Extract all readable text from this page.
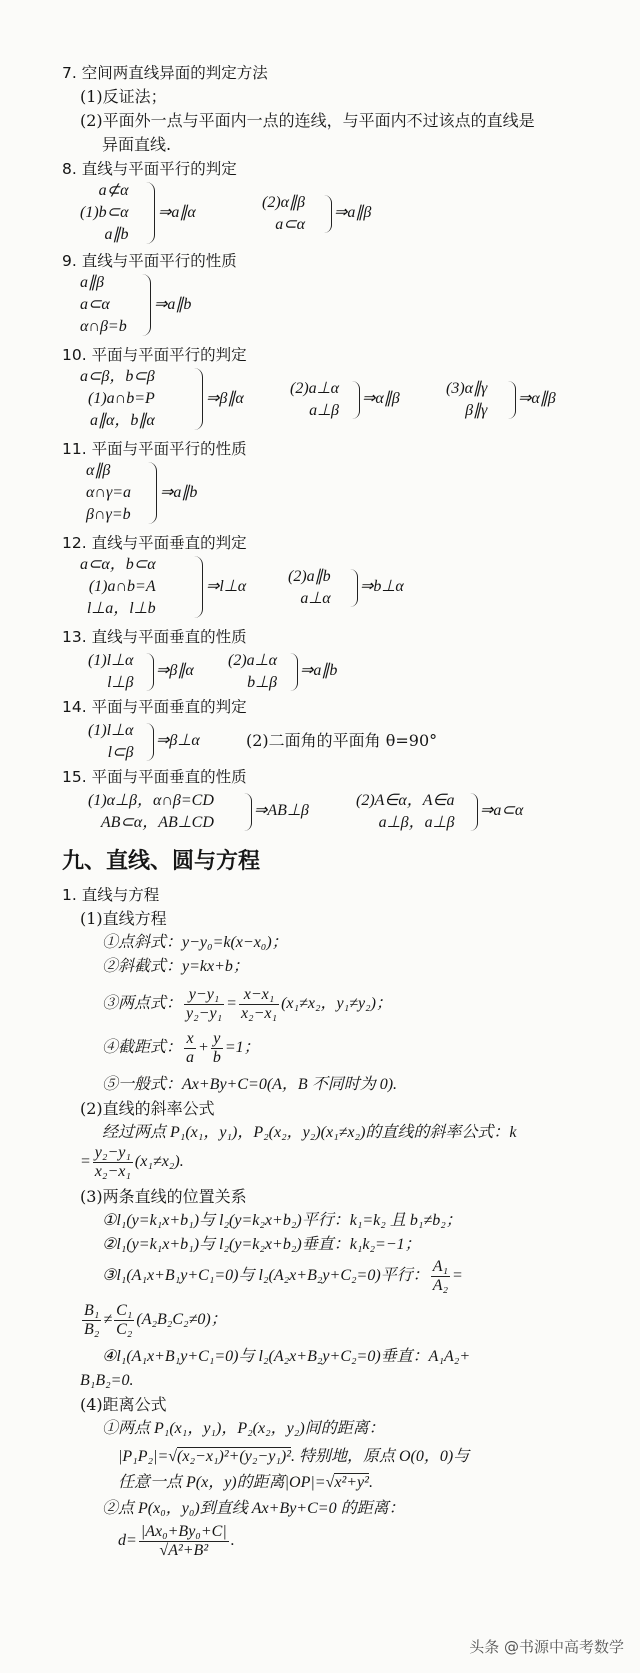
7. 空间两直线异面的判定方法
(1)反证法；
(2)平面外一点与平面内一点的连线，与平面内不过该点的直线是
异面直线.
8. 直线与平面平行的判定
a⊄α
(1)b⊂α
a∥b
⇒a∥α
(2)α∥β
a⊂α
⇒a∥β
9. 直线与平面平行的性质
a∥β
a⊂α
α∩β=b
⇒a∥b
10. 平面与平面平行的判定
a⊂β，b⊂β
(1)a∩b=P
a∥α，b∥α
⇒β∥α
(2)a⊥α
a⊥β
⇒α∥β
(3)α∥γ
β∥γ
⇒α∥β
11. 平面与平面平行的性质
α∥β
α∩γ=a
β∩γ=b
⇒a∥b
12. 直线与平面垂直的判定
a⊂α，b⊂α
(1)a∩b=A
l⊥a，l⊥b
⇒l⊥α
(2)a∥b
a⊥α
⇒b⊥α
13. 直线与平面垂直的性质
(1)l⊥α
l⊥β
⇒β∥α
(2)a⊥α
b⊥β
⇒a∥b
14. 平面与平面垂直的判定
(1)l⊥α
l⊂β
⇒β⊥α	(2)二面角的平面角 θ=90°
15. 平面与平面垂直的性质
(1)α⊥β，α∩β=CD
AB⊂α，AB⊥CD
⇒AB⊥β
(2)A∈α，A∈a
a⊥β，a⊥β
⇒a⊂α
九、直线、圆与方程
1. 直线与方程
(1)直线方程
①点斜式：y−y₀=k(x−x₀)；
②斜截式：y=kx+b；
③两点式： $\frac{\text{y−y₁}}{\text{y₂−y₁}} = \frac{\text{x−x₁}}{\text{x₂−x₁}} (x_1\ne x_2$，y₁≠y₂)；
④截距式： $\frac{x}{a} + \frac{y}{b} =1$；
⑤一般式：Ax+By+C=0(A，B 不同时为 0).
(2)直线的斜率公式
经过两点 P₁(x₁，y₁)，P₂(x₂，y₂)(x₁≠x₂)的直线的斜率公式：k
= $\frac{\text{y₂−y₁}}{\text{x₂−x₁}} (x_1\ne x_2)$.
(3)两条直线的位置关系
①l₁(y=k₁x+b₁)与 l₂(y=k₂x+b₂)平行：k₁=k₂ 且 b₁≠b₂；
②l₁(y=k₁x+b₁)与 l₂(y=k₂x+b₂)垂直：k₁k₂=−1；
③l₁(A₁x+B₁y+C₁=0)与 l₂(A₂x+B₂y+C₂=0)平行： $\frac{\text{A₁}}{\text{A₂}}$ =
$\frac{\text{B₁}}{\text{B₂}} \ne \frac{\text{C₁}}{\text{C₂}} (A_2B_2C_2\ne 0)$；
④l₁(A₁x+B₁y+C₁=0)与 l₂(A₂x+B₂y+C₂=0)垂直：A₁A₂+
B₁B₂=0.
(4)距离公式
①两点 P₁(x₁，y₁)，P₂(x₂，y₂)间的距离：
|P₁P₂|=√(x₂−x₁)²+(y₂−y₁)². 特别地，原点 O(0，0)与
任意一点 P(x，y)的距离|OP|=√x²+y².
②点 P(x₀，y₀)到直线 Ax+By+C=0 的距离：
$d= \frac{\text{|Ax₀+By₀+C|}}{\text{√A²+B²}}$ .
头条 @书源中高考数学
